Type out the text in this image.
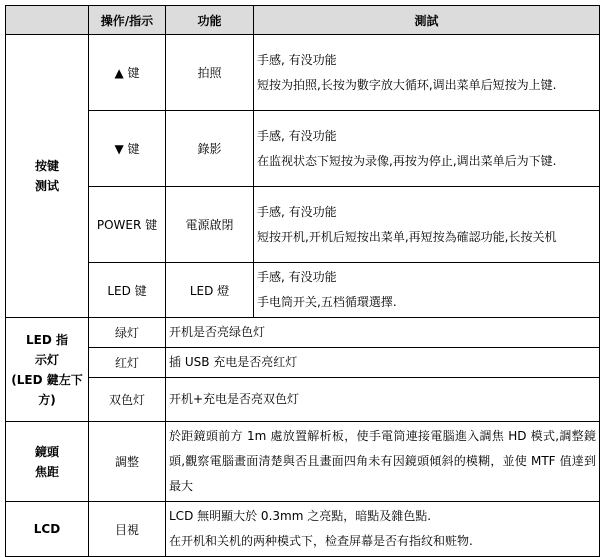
	操作/指示	功能	測試
按键
测试	▲ 键	拍照	手感, 有没功能
短按为拍照,长按为數字放大循环,调出菜单后短按为上键.

	▼ 键	錄影	手感, 有没功能
在监视状态下短按为录像,再按为停止,调出菜单后为下键.

	POWER 键	電源啟閉	手感, 有没功能
短按开机,开机后短按出菜单,再短按為確認功能,长按关机

	LED 键	LED 燈	手感, 有没功能
手电筒开关,五档循環選擇.

LED 指
示灯
(LED 鍵左下
方)	绿灯	开机是否亮绿色灯	
	红灯	插 USB 充电是否亮红灯	
	双色灯	开机+充电是否亮双色灯	
鏡頭
焦距	調整	於距鏡頭前方 1m 處放置解析板，使手電筒連接電腦進入調焦 HD 模式,調整鏡頭,觀察電腦畫面清楚與否且畫面四角未有因鏡頭傾斜的模糊，並使 MTF 值達到最大	
LCD	目視	LCD 無明顯大於 0.3mm 之亮點，暗點及雜色點.
在开机和关机的两种模式下，检查屏幕是否有指纹和赃物.	
